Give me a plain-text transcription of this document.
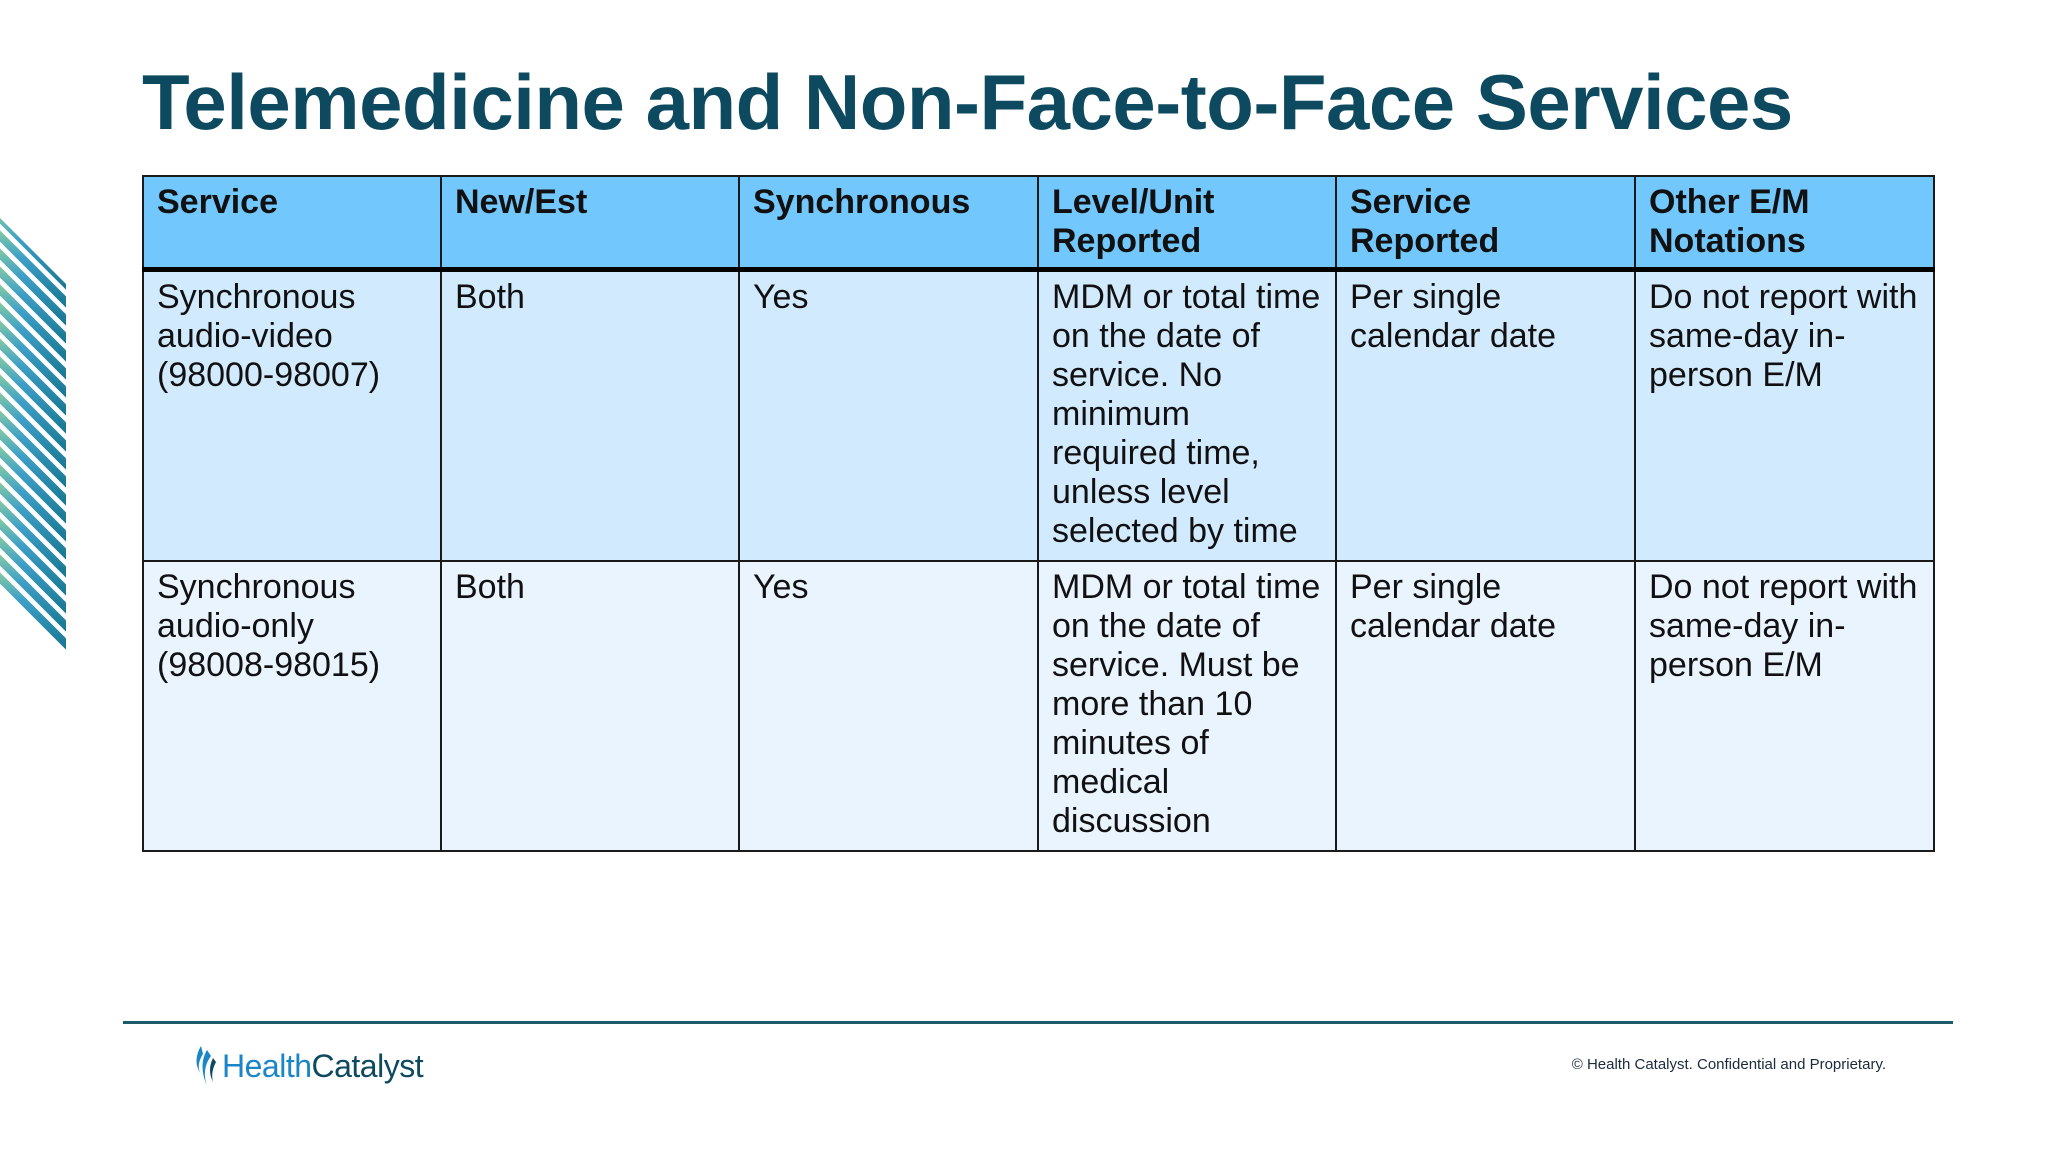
Telemedicine and Non-Face-to-Face Services
Service	New/Est	Synchronous	Level/Unit Reported	Service Reported	Other E/M Notations
Synchronous audio-video (98000-98007)	Both	Yes	MDM or total time on the date of service. No minimum required time, unless level selected by time	Per single calendar date	Do not report with same-day in-person E/M
Synchronous audio-only (98008-98015)	Both	Yes	MDM or total time on the date of service. Must be more than 10 minutes of medical discussion	Per single calendar date	Do not report with same-day in-person E/M
Health Catalyst	© Health Catalyst. Confidential and Proprietary.
